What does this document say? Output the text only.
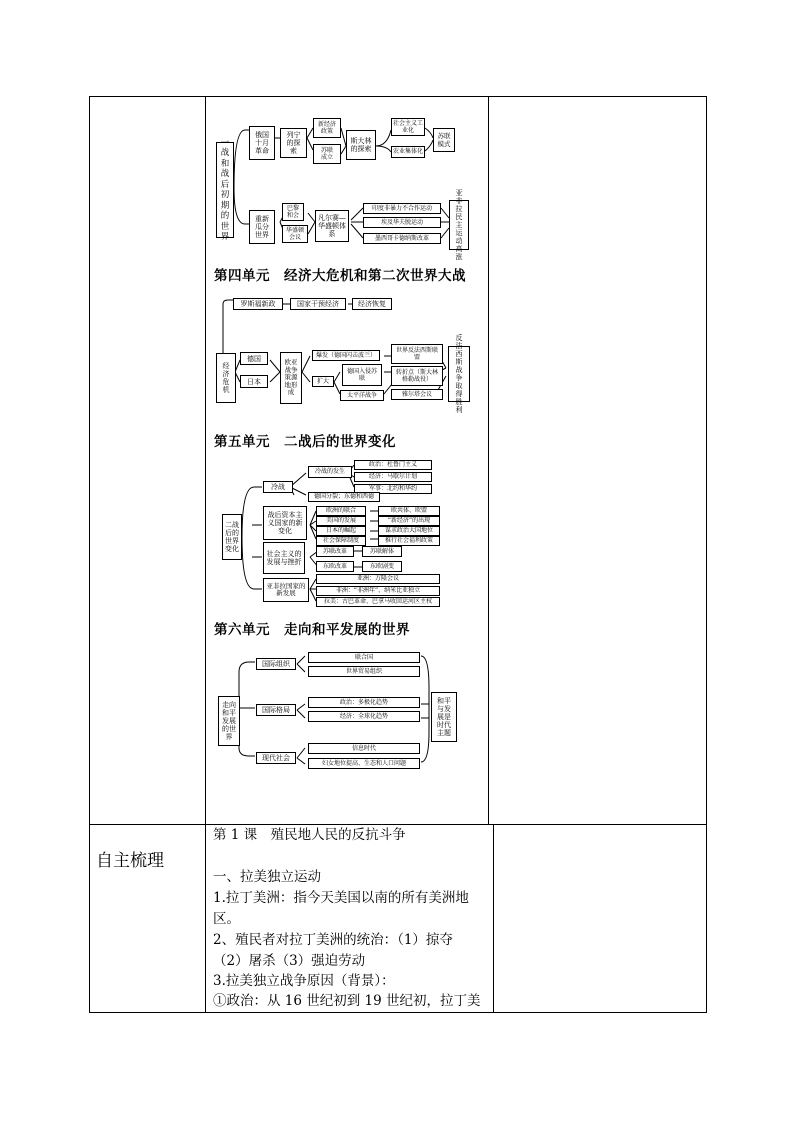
一战和战后初期的世界
俄国十月革命
列宁的探索
新经济政策
苏联成立
斯大林的探索
社会主义工业化
农业集体化
苏联模式
重新瓜分世界
巴黎和会
华盛顿会议
凡尔赛—华盛顿体系
印度非暴力不合作运动
埃及华夫脱运动
墨西哥卡德纳斯改革
亚非拉民主运动高涨
第四单元　经济大危机和第二次世界大战
经济危机
罗斯福新政	国家干预经济	经济恢复
德国
日本
欧亚战争策源地形成
爆发（德国闪击波兰）
扩大
德国入侵苏联
太平洋战争
世界反法西斯联盟
转折点（斯大林格勒战役）
雅尔塔会议
反法西斯战争取得胜利
第五单元　二战后的世界变化
二战后的世界变化
冷战
冷战的发生
政治：杜鲁门主义
经济：马歇尔计划
军事：北约和华约
德国分裂；东德和西德
战后资本主义国家的新变化
欧洲的联合
美国的发展
日本的崛起
社会保障制度
欧共体、欧盟
“新经济”的出现
谋求政治大国地位
推行社会福利政策
社会主义的发展与挫折
苏联改革	苏联解体
东欧改革	东欧剧变
亚非拉国家的新发展
亚洲：万隆会议
非洲：“非洲年”、纳米比亚独立
拉美：古巴革命、巴拿马收回运河区主权
第六单元　走向和平发展的世界
走向和平发展的世界
国际组织
联合国
世界贸易组织
国际格局
政治：多极化趋势
经济：全球化趋势
现代社会
信息时代
妇女地位提高、生态和人口问题
和平与发展是时代主题
自主梳理
第 1 课　殖民地人民的反抗斗争
一、拉美独立运动
1.拉丁美洲：指今天美国以南的所有美洲地
区。
2、殖民者对拉丁美洲的统治：（1）掠夺
（2）屠杀（3）强迫劳动
3.拉美独立战争原因（背景）：
①政治：从 16 世纪初到 19 世纪初，拉丁美
